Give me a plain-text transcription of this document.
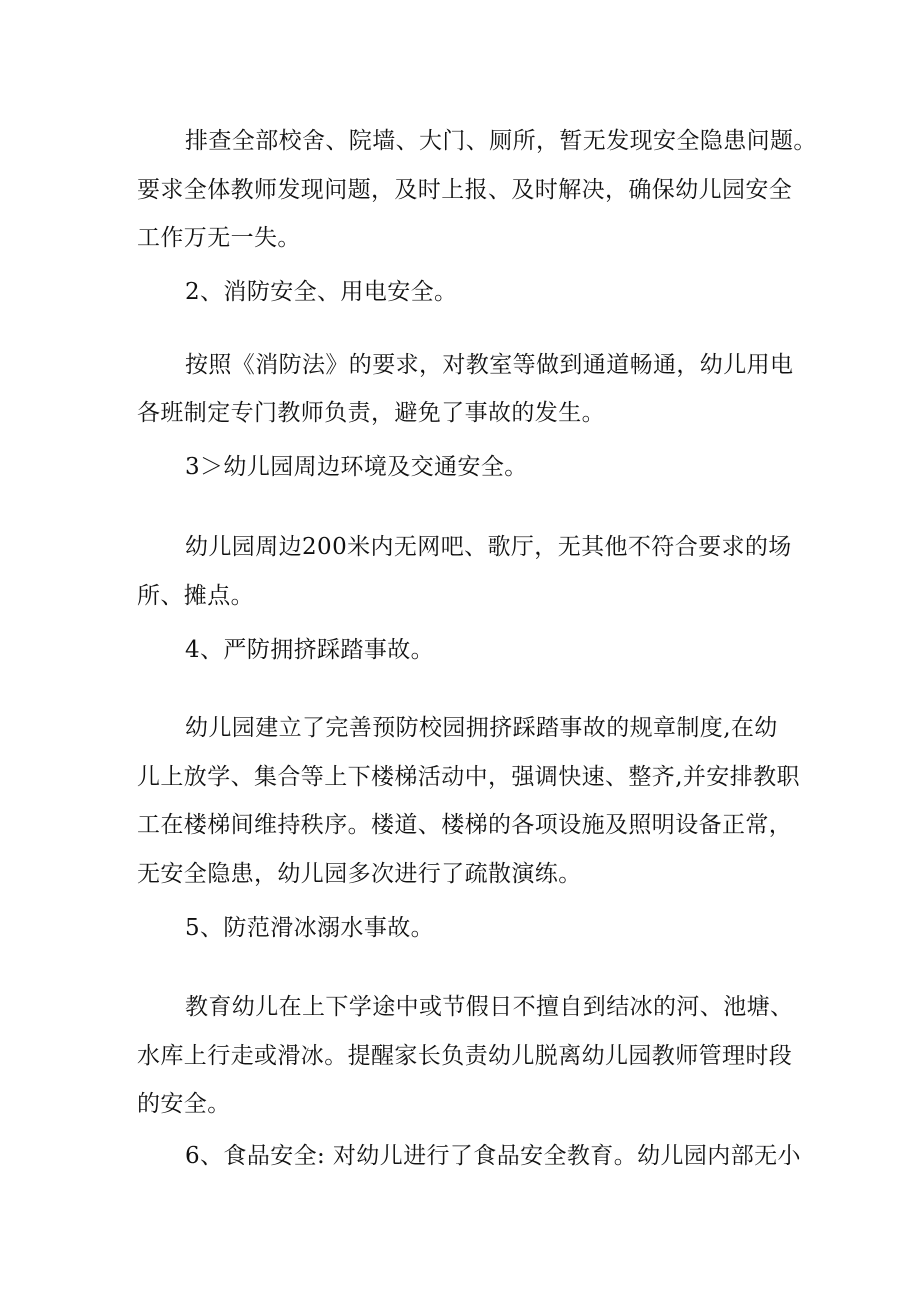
排查全部校舍、院墙、大门、厕所，暂无发现安全隐患问题。
要求全体教师发现问题，及时上报、及时解决，确保幼儿园安全
工作万无一失。
2、消防安全、用电安全。
按照《消防法》的要求，对教室等做到通道畅通，幼儿用电
各班制定专门教师负责，避免了事故的发生。
3＞幼儿园周边环境及交通安全。
幼儿园周边200米内无网吧、歌厅，无其他不符合要求的场
所、摊点。
4、严防拥挤踩踏事故。
幼儿园建立了完善预防校园拥挤踩踏事故的规章制度,在幼
儿上放学、集合等上下楼梯活动中，强调快速、整齐,并安排教职
工在楼梯间维持秩序。楼道、楼梯的各项设施及照明设备正常，
无安全隐患，幼儿园多次进行了疏散演练。
5、防范滑冰溺水事故。
教育幼儿在上下学途中或节假日不擅自到结冰的河、池塘、
水库上行走或滑冰。提醒家长负责幼儿脱离幼儿园教师管理时段
的安全。
6、食品安全: 对幼儿进行了食品安全教育。幼儿园内部无小
